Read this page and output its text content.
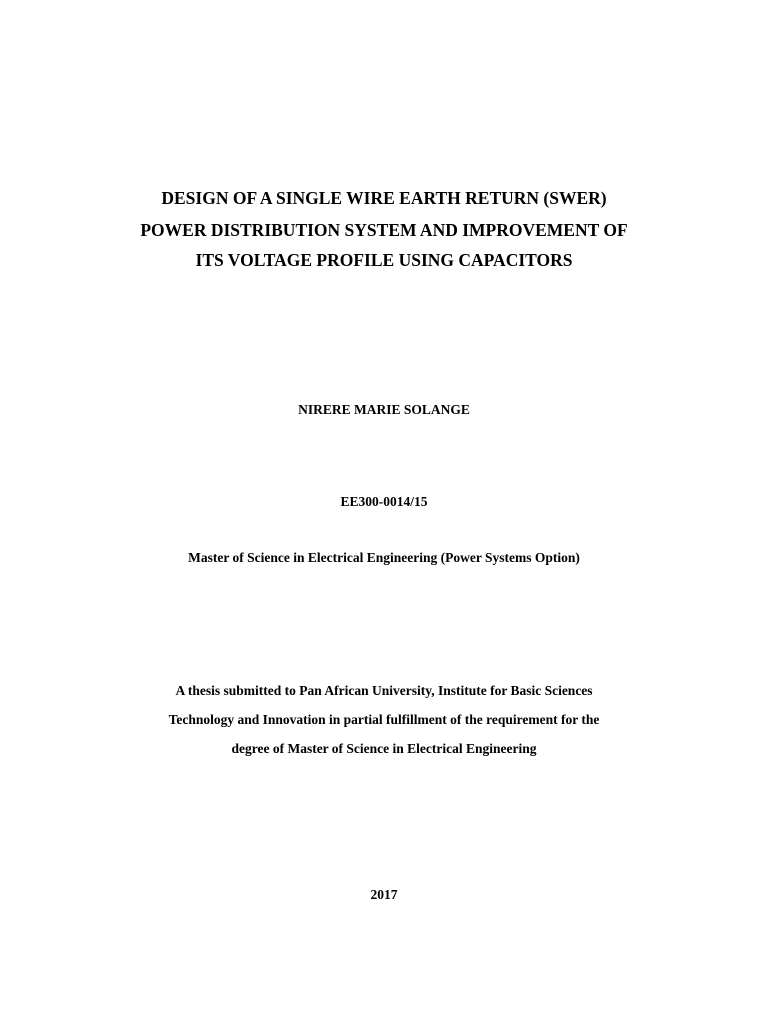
DESIGN OF A SINGLE WIRE EARTH RETURN (SWER)

POWER DISTRIBUTION SYSTEM AND IMPROVEMENT OF

ITS VOLTAGE PROFILE USING CAPACITORS

NIRERE MARIE SOLANGE

EE300-0014/15

Master of Science in Electrical Engineering (Power Systems Option)

A thesis submitted to Pan African University, Institute for Basic Sciences

Technology and Innovation in partial fulfillment of the requirement for the

degree of Master of Science in Electrical Engineering

2017
